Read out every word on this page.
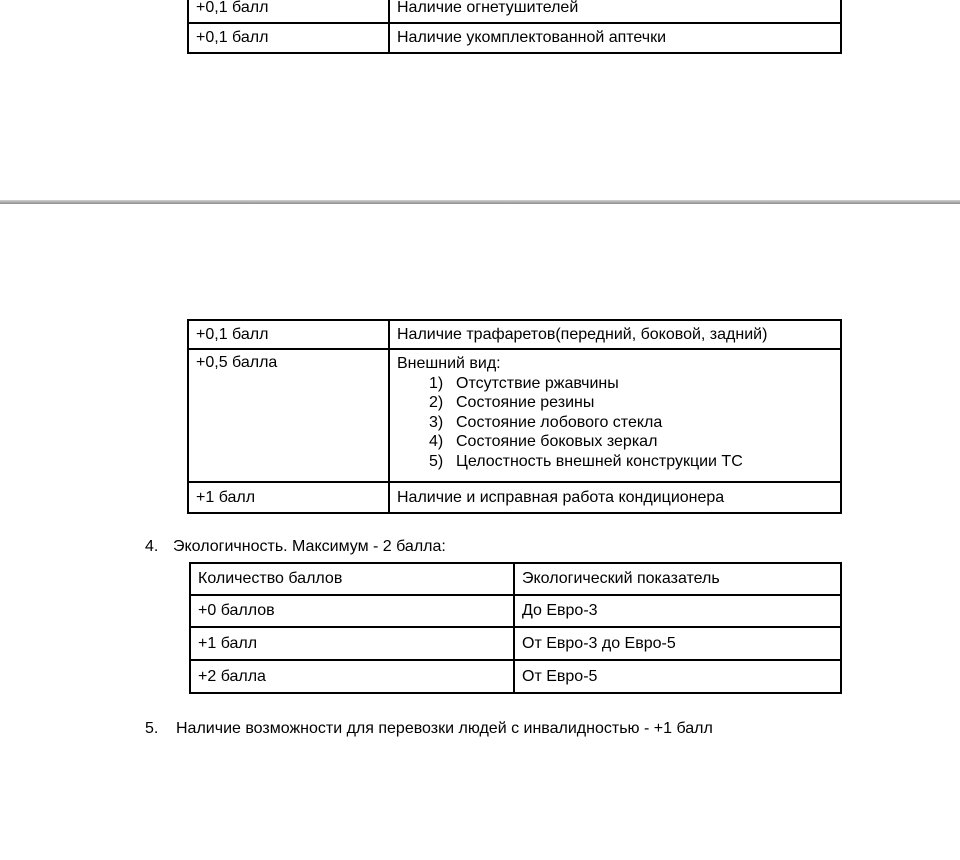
+0,1 балл	Наличие огнетушителей
+0,1 балл	Наличие укомплектованной аптечки
+0,1 балл	Наличие трафаретов(передний, боковой, задний)
+0,5 балла	Внешний вид:
1) Отсутствие ржавчины
2) Состояние резины
3) Состояние лобового стекла
4) Состояние боковых зеркал
5) Целостность внешней конструкции ТС

+1 балл	Наличие и исправная работа кондиционера
4. Экологичность. Максимум - 2 балла:
Количество баллов	Экологический показатель
+0 баллов	До Евро-3
+1 балл	От Евро-3 до Евро-5
+2 балла	От Евро-5
5.	Наличие возможности для перевозки людей с инвалидностью - +1 балл
